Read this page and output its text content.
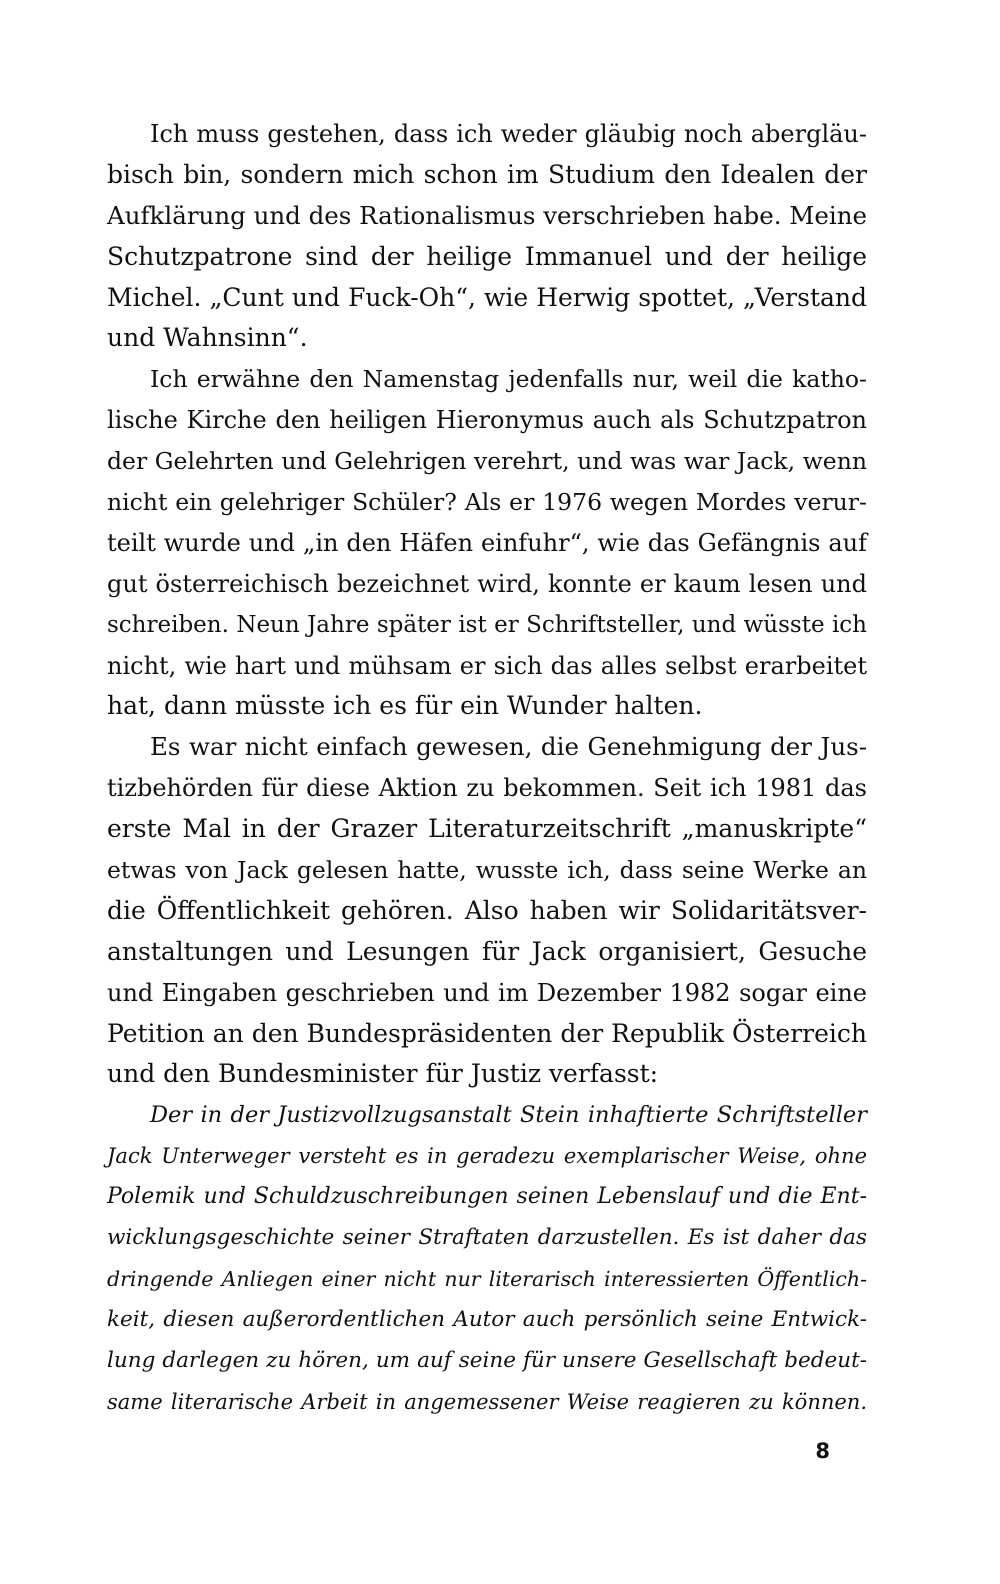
Ich muss gestehen, dass ich weder gläubig noch abergläu-
bisch bin, sondern mich schon im Studium den Idealen der
Aufklärung und des Rationalismus verschrieben habe. Meine
Schutzpatrone sind der heilige Immanuel und der heilige
Michel. „Cunt und Fuck-Oh“, wie Herwig spottet, „Verstand
und Wahnsinn“.
Ich erwähne den Namenstag jedenfalls nur, weil die katho-
lische Kirche den heiligen Hieronymus auch als Schutzpatron
der Gelehrten und Gelehrigen verehrt, und was war Jack, wenn
nicht ein gelehriger Schüler? Als er 1976 wegen Mordes verur-
teilt wurde und „in den Häfen einfuhr“, wie das Gefängnis auf
gut österreichisch bezeichnet wird, konnte er kaum lesen und
schreiben. Neun Jahre später ist er Schriftsteller, und wüsste ich
nicht, wie hart und mühsam er sich das alles selbst erarbeitet
hat, dann müsste ich es für ein Wunder halten.
Es war nicht einfach gewesen, die Genehmigung der Jus-
tizbehörden für diese Aktion zu bekommen. Seit ich 1981 das
erste Mal in der Grazer Literaturzeitschrift „manuskripte“
etwas von Jack gelesen hatte, wusste ich, dass seine Werke an
die Öffentlichkeit gehören. Also haben wir Solidaritätsver-
anstaltungen und Lesungen für Jack organisiert, Gesuche
und Eingaben geschrieben und im Dezember 1982 sogar eine
Petition an den Bundespräsidenten der Republik Österreich
und den Bundesminister für Justiz verfasst:
Der in der Justizvollzugsanstalt Stein inhaftierte Schriftsteller
Jack Unterweger versteht es in geradezu exemplarischer Weise, ohne
Polemik und Schuldzuschreibungen seinen Lebenslauf und die Ent-
wicklungsgeschichte seiner Straftaten darzustellen. Es ist daher das
dringende Anliegen einer nicht nur literarisch interessierten Öffentlich-
keit, diesen außerordentlichen Autor auch persönlich seine Entwick-
lung darlegen zu hören, um auf seine für unsere Gesellschaft bedeut-
same literarische Arbeit in angemessener Weise reagieren zu können.
8
